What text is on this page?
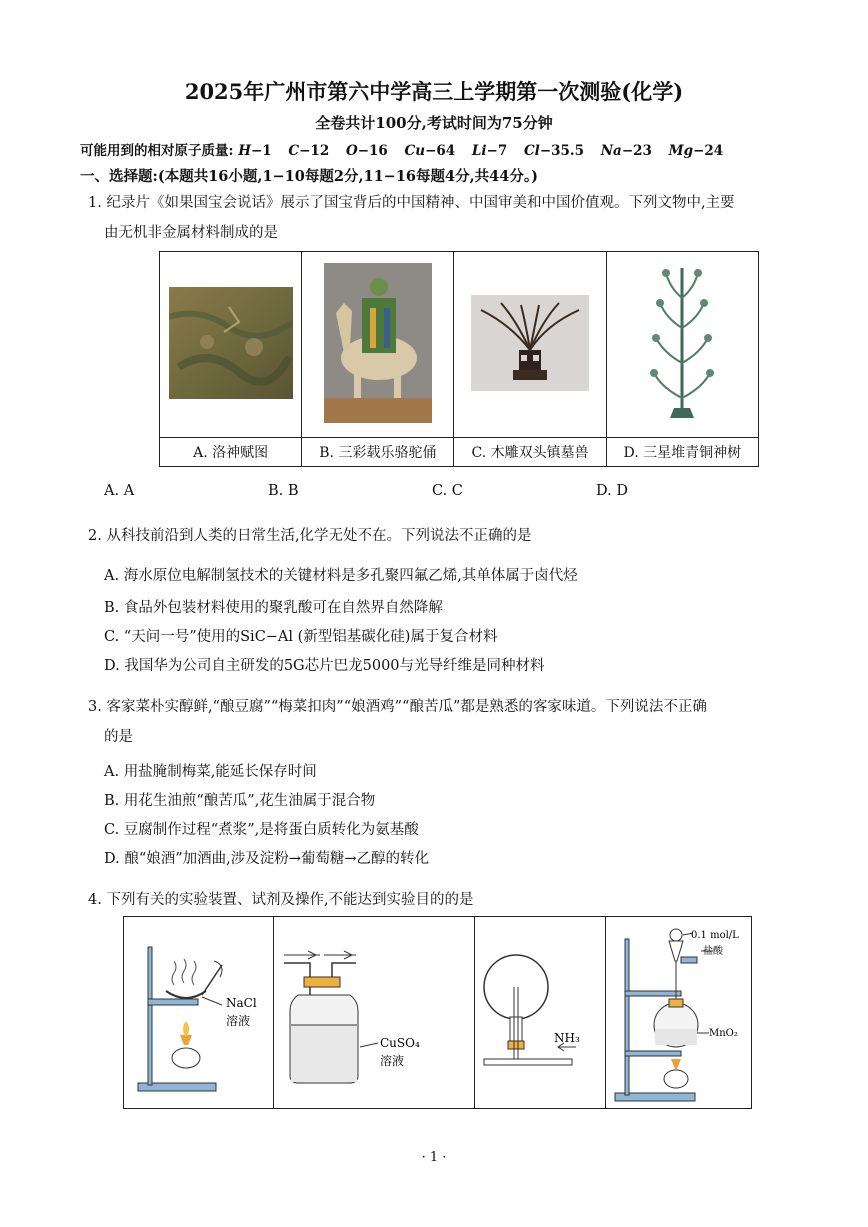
2025年广州市第六中学高三上学期第一次测验(化学)
全卷共计100分,考试时间为75分钟
可能用到的相对原子质量: H−1 C−12 O−16 Cu−64 Li−7 Cl−35.5 Na−23 Mg−24
一、选择题:(本题共16小题,1−10每题2分,11−16每题4分,共44分。)
1. 纪录片《如果国宝会说话》展示了国宝背后的中国精神、中国审美和中国价值观。下列文物中,主要
由无机非金属材料制成的是

A. 洛神赋图	B. 三彩载乐骆驼俑	C. 木雕双头镇墓兽	D. 三星堆青铜神树
A. A	B. B	C. C	D. D
2. 从科技前沿到人类的日常生活,化学无处不在。下列说法不正确的是
A. 海水原位电解制氢技术的关键材料是多孔聚四氟乙烯,其单体属于卤代烃
B. 食品外包装材料使用的聚乳酸可在自然界自然降解
C. “天问一号”使用的SiC−Al (新型铝基碳化硅)属于复合材料
D. 我国华为公司自主研发的5G芯片巴龙5000与光导纤维是同种材料
3. 客家菜朴实醇鲜,“酿豆腐”“梅菜扣肉”“娘酒鸡”“酿苦瓜”都是熟悉的客家味道。下列说法不正确
的是
A. 用盐腌制梅菜,能延长保存时间
B. 用花生油煎“酿苦瓜”,花生油属于混合物
C. 豆腐制作过程“煮浆”,是将蛋白质转化为氨基酸
D. 酿“娘酒”加酒曲,涉及淀粉→葡萄糖→乙醇的转化
4. 下列有关的实验装置、试剂及操作,不能达到实验目的的是
NaCl
溶液
CuSO₄
溶液
NH₃
0.1 mol/L
盐酸
MnO₂
· 1 ·
